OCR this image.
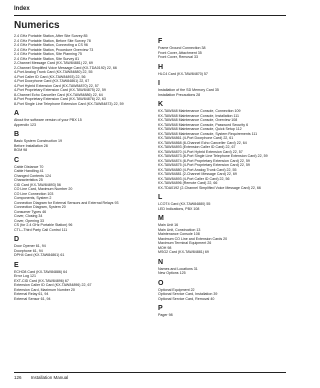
Index
Numerics
2.4 GHz Portable Station, After Site Survey 85
2.4 GHz Portable Station, Before Site Survey 78
2.4 GHz Portable Station, Connecting a CS 96
2.4 GHz Portable Station, Procedure Overview 73
2.4 GHz Portable Station, Site Planning 75
2.4 GHz Portable Station, Site Survey 81
2-Channel Message Card (KX-TAW84881) 22, 69
2-Channel Simplified Voice Message Card (KX-TDA0192) 22, 66
4-Port Analog Trunk Card (KX-TAW84880) 22, 55
4-Port Caller ID Card (KX-TAW84893) 22, 56
4-Port Doorphone Card (KX-TAW84861) 22, 67
4-Port Hybrid Extension Card (KX-TAW84870) 22, 57
4-Port Proprietary Extension Card (KX-TAW84875) 22, 59
8-Channel Echo Canceller Card (KX-TAW84886) 22, 64
8-Port Proprietary Extension Card (KX-TAW84876) 22, 63
8-Port Single Line Telephone Extension Card (KX-TAW84873) 22, 59
A
About the software version of your PBX 15
Appendix 123
B
Basic System Construction 19
Before Installation 28
BGM 98
C
Cable Distance 70
Cable Handling 41
Changed Contents 124
Characteristics 25
CID Card (KX-TAW84893) 56
CO Line Card, Maximum Number 20
CO Line Connection 103
Components, System 2
Connection Diagram for External Sensors and External Relays 93
Connection Diagram, System 20
Consumer Types 46
Cover, Closing 34
Cover, Opening 33
CS (for 2.4 GHz Portable Station) 96
CTI—Third Party Call Control 111
D
Door Opener 61, 94
Doorphone 61, 94
DPH4 Card (KX-TAW84861) 61
E
ECHO8 Card (KX-TAW84886) 64
Error Log 121
EXT-CID Card (KX-TAW84896) 67
Extension Caller ID Card (KX-TAW84896) 22, 67
Extension Card, Maximum Number 20
External Relay 61, 94
External Sensor 61, 94
F
Frame Ground Connection 38
Front Cover, Attachment 35
Front Cover, Removal 33
H
HLC4 Card (KX-TAW84870) 57
I
Installation of the SD Memory Card 35
Installation Precautions 28
K
KX-TAW848 Maintenance Console, Connection 109
KX-TAW848 Maintenance Console, Installation 111
KX-TAW848 Maintenance Console, Overview 108
KX-TAW848 Maintenance Console, Password Security 6
KX-TAW848 Maintenance Console, Quick Setup 112
KX-TAW848 Maintenance Console, System Requirements 111
KX-TAW84861 (4-Port Doorphone Card) 22, 61
KX-TAW84868 (8-Channel Echo Canceller Card) 22, 64
KX-TAW84893 (Extension Caller ID Card) 22, 67
KX-TAW84870 (4-Port Hybrid Extension Card) 22, 57
KX-TAW84873 (8-Port Single Line Telephone Extension Card) 22, 59
KX-TAW84874 (8-Port Proprietary Extension Card) 22, 59
KX-TAW84875 (4-Port Proprietary Extension Card) 22, 59
KX-TAW84880 (4-Port Analog Trunk Card) 22, 55
KX-TAW84881 (2-Channel Message Card) 22, 69
KX-TAW84893 (4-Port Caller ID Card) 22, 56
KX-TAW84896 (Remote Card) 22, 66
KX-TDA0192 (2-Channel Simplified Voice Message Card) 22, 66
L
LCOT4 Card (KX-TAW84880) 55
LED Indications, PBX 108
M
Main Unit 16
Main Unit, Construction 13
Maintenance Console 108
Maximum CO Line and Extension Cards 20
Maximum Terminal Equipment 26
MOH 98
MSG2 Card (KX-TAW84881) 69
N
Names and Locations 31
New Options 125
O
Optional Equipment 22
Optional Service Card, Installation 39
Optional Service Card, Removal 40
P
Pager 98
126 Installation Manual
